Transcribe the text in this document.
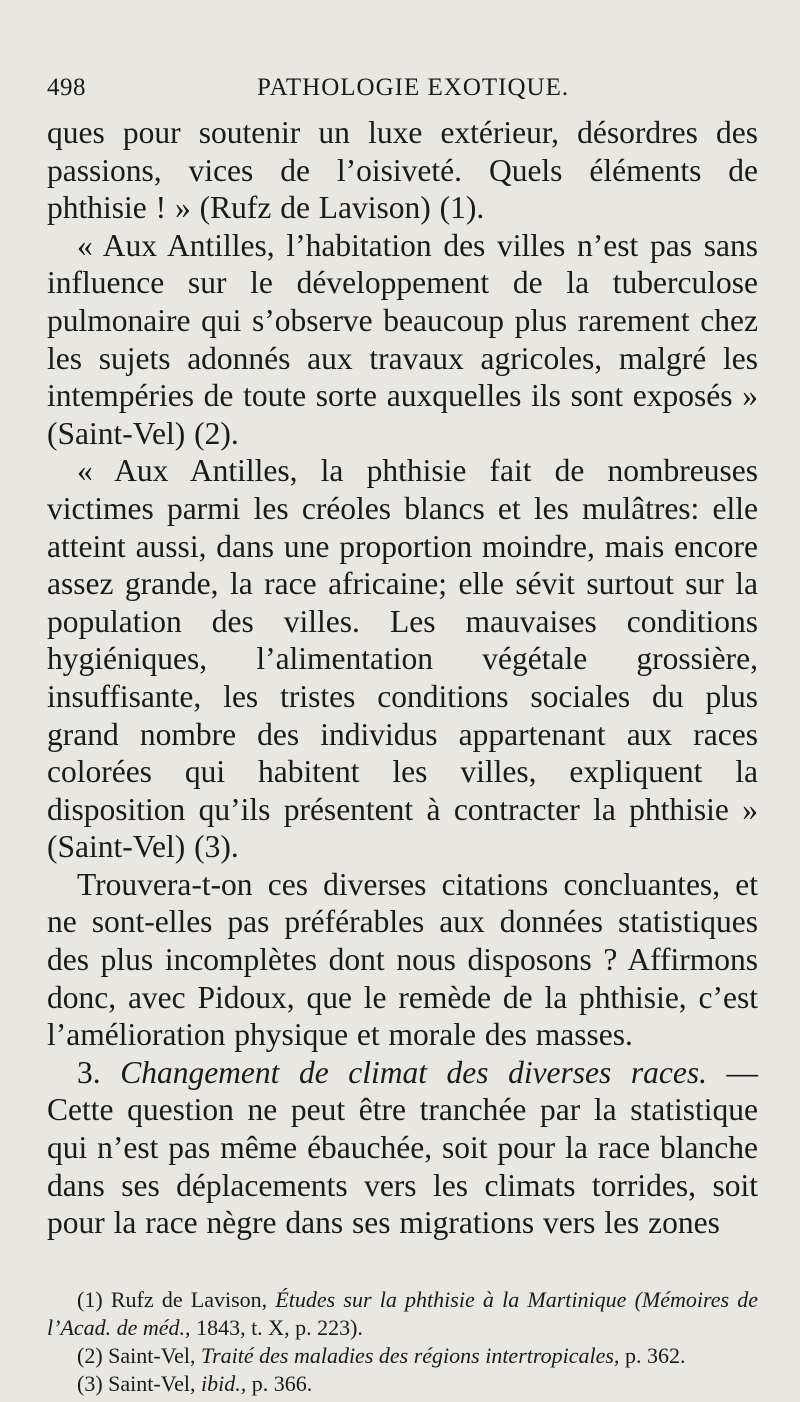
498	PATHOLOGIE EXOTIQUE.

ques pour soutenir un luxe extérieur, désordres des passions, vices de l’oisiveté. Quels éléments de phthisie ! » (Rufz de Lavison) (1).

« Aux Antilles, l’habitation des villes n’est pas sans influence sur le développement de la tuberculose pulmonaire qui s’observe beaucoup plus rarement chez les sujets adonnés aux travaux agricoles, malgré les intempéries de toute sorte auxquelles ils sont exposés » (Saint-Vel) (2).

« Aux Antilles, la phthisie fait de nombreuses victimes parmi les créoles blancs et les mulâtres: elle atteint aussi, dans une proportion moindre, mais encore assez grande, la race africaine; elle sévit surtout sur la population des villes. Les mauvaises conditions hygiéniques, l’alimentation végétale grossière, insuffisante, les tristes conditions sociales du plus grand nombre des individus appartenant aux races colorées qui habitent les villes, expliquent la disposition qu’ils présentent à contracter la phthisie » (Saint-Vel) (3).

Trouvera-t-on ces diverses citations concluantes, et ne sont-elles pas préférables aux données statistiques des plus incomplètes dont nous disposons ? Affirmons donc, avec Pidoux, que le remède de la phthisie, c’est l’amélioration physique et morale des masses.

3. Changement de climat des diverses races. — Cette question ne peut être tranchée par la statistique qui n’est pas même ébauchée, soit pour la race blanche dans ses déplacements vers les climats torrides, soit pour la race nègre dans ses migrations vers les zones

(1) Rufz de Lavison, Études sur la phthisie à la Martinique (Mémoires de l’Acad. de méd., 1843, t. X, p. 223).

(2) Saint-Vel, Traité des maladies des régions intertropicales, p. 362.

(3) Saint-Vel, ibid., p. 366.
